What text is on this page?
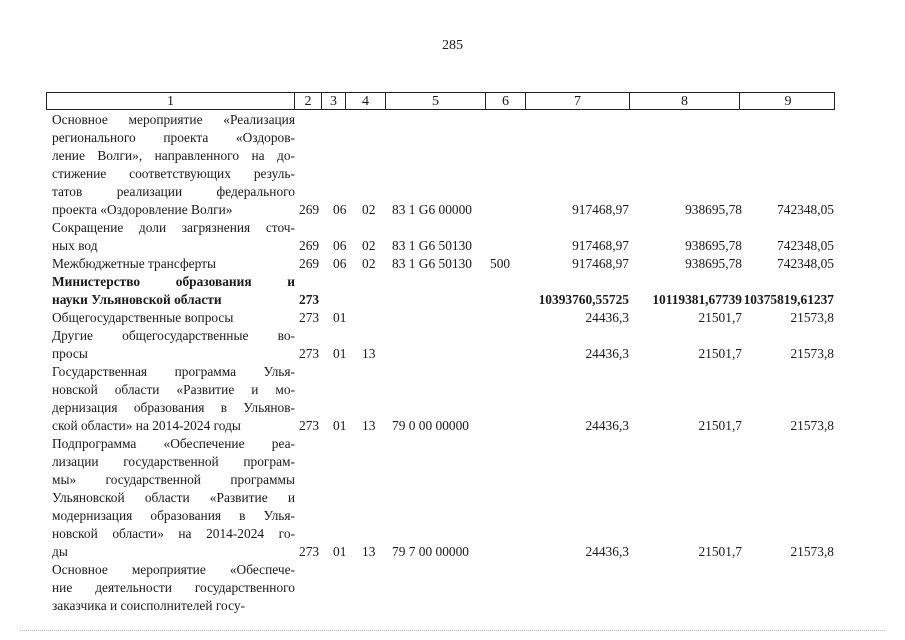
285
1	2	3	4	5	6	7	8	9
Основное мероприятие «Реализация
регионального проекта «Оздоров-
ление Волги», направленного на до-
стижение соответствующих резуль-
татов реализации федерального
проекта «Оздоровление Волги»	269 06 02 83 1 G6 00000	917468,97	938695,78	742348,05
Сокращение доли загрязнения сточ-
ных вод	269 06 02 83 1 G6 50130	917468,97	938695,78	742348,05
Межбюджетные трансферты	269 06 02 83 1 G6 50130 500	917468,97	938695,78	742348,05
Министерство образования и
науки Ульяновской области	273	10393760,55725 10119381,67739 10375819,61237
Общегосударственные вопросы	273 01	24436,3	21501,7	21573,8
Другие общегосударственные во-
просы	273 01 13	24436,3	21501,7	21573,8
Государственная программа Улья-
новской области «Развитие и мо-
дернизация образования в Ульянов-
ской области» на 2014-2024 годы	273 01 13 79 0 00 00000	24436,3	21501,7	21573,8
Подпрограмма «Обеспечение реа-
лизации государственной програм-
мы» государственной программы
Ульяновской области «Развитие и
модернизация образования в Улья-
новской области» на 2014-2024 го-
ды	273 01 13 79 7 00 00000	24436,3	21501,7	21573,8
Основное мероприятие «Обеспече-
ние деятельности государственного
заказчика и соисполнителей госу-
